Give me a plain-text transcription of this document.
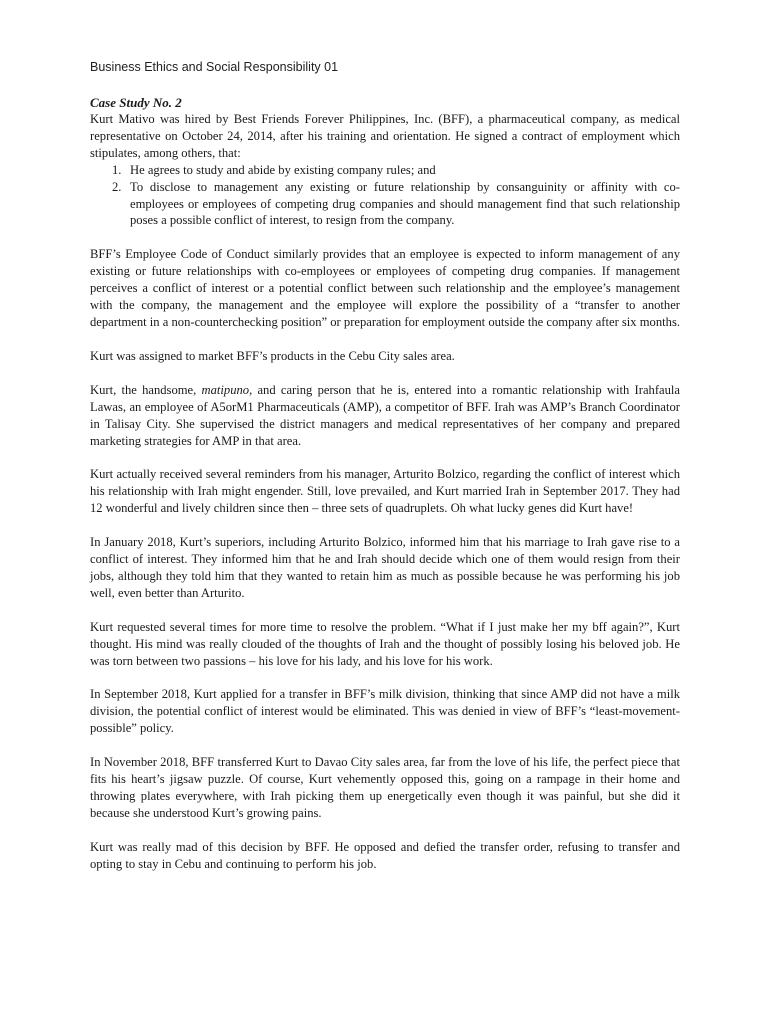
Business Ethics and Social Responsibility 01
Case Study No. 2

Kurt Mativo was hired by Best Friends Forever Philippines, Inc. (BFF), a pharmaceutical company, as medical representative on October 24, 2014, after his training and orientation. He signed a contract of employment which stipulates, among others, that:

1. He agrees to study and abide by existing company rules; and
2. To disclose to management any existing or future relationship by consanguinity or affinity with co-employees or employees of competing drug companies and should management find that such relationship poses a possible conflict of interest, to resign from the company.

BFF’s Employee Code of Conduct similarly provides that an employee is expected to inform management of any existing or future relationships with co-employees or employees of competing drug companies. If management perceives a conflict of interest or a potential conflict between such relationship and the employee’s management with the company, the management and the employee will explore the possibility of a “transfer to another department in a non-counterchecking position” or preparation for employment outside the company after six months.

Kurt was assigned to market BFF’s products in the Cebu City sales area.

Kurt, the handsome, matipuno, and caring person that he is, entered into a romantic relationship with Irahfaula Lawas, an employee of A5orM1 Pharmaceuticals (AMP), a competitor of BFF. Irah was AMP’s Branch Coordinator in Talisay City. She supervised the district managers and medical representatives of her company and prepared marketing strategies for AMP in that area.

Kurt actually received several reminders from his manager, Arturito Bolzico, regarding the conflict of interest which his relationship with Irah might engender. Still, love prevailed, and Kurt married Irah in September 2017. They had 12 wonderful and lively children since then – three sets of quadruplets. Oh what lucky genes did Kurt have!

In January 2018, Kurt’s superiors, including Arturito Bolzico, informed him that his marriage to Irah gave rise to a conflict of interest. They informed him that he and Irah should decide which one of them would resign from their jobs, although they told him that they wanted to retain him as much as possible because he was performing his job well, even better than Arturito.

Kurt requested several times for more time to resolve the problem. “What if I just make her my bff again?”, Kurt thought. His mind was really clouded of the thoughts of Irah and the thought of possibly losing his beloved job. He was torn between two passions – his love for his lady, and his love for his work.

In September 2018, Kurt applied for a transfer in BFF’s milk division, thinking that since AMP did not have a milk division, the potential conflict of interest would be eliminated. This was denied in view of BFF’s “least-movement-possible” policy.

In November 2018, BFF transferred Kurt to Davao City sales area, far from the love of his life, the perfect piece that fits his heart’s jigsaw puzzle. Of course, Kurt vehemently opposed this, going on a rampage in their home and throwing plates everywhere, with Irah picking them up energetically even though it was painful, but she did it because she understood Kurt’s growing pains.

Kurt was really mad of this decision by BFF. He opposed and defied the transfer order, refusing to transfer and opting to stay in Cebu and continuing to perform his job.
